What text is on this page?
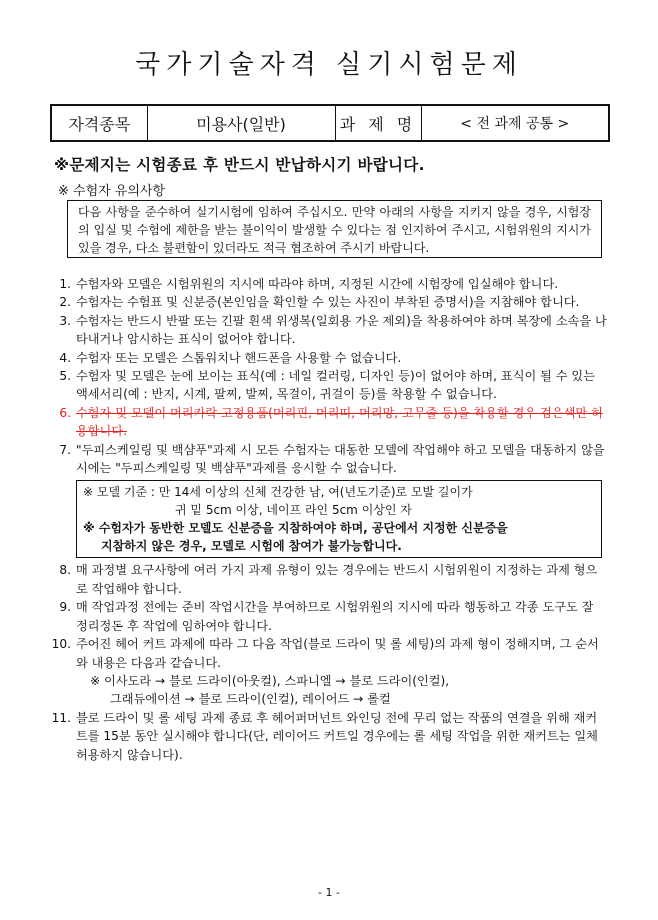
국가기술자격 실기시험문제
자격종목	미용사(일반)	과 제 명	< 전 과제 공통 >
※문제지는 시험종료 후 반드시 반납하시기 바랍니다.
※ 수험자 유의사항
다음 사항을 준수하여 실기시험에 임하여 주십시오. 만약 아래의 사항을 지키지 않을 경우, 시험장의 입실 및 수험에 제한을 받는 불이익이 발생할 수 있다는 점 인지하여 주시고, 시험위원의 지시가 있을 경우, 다소 불편함이 있더라도 적극 협조하여 주시기 바랍니다.
1. 수험자와 모델은 시험위원의 지시에 따라야 하며, 지정된 시간에 시험장에 입실해야 합니다.
2. 수험자는 수험표 및 신분증(본인임을 확인할 수 있는 사진이 부착된 증명서)을 지참해야 합니다.
3. 수험자는 반드시 반팔 또는 긴팔 흰색 위생복(일회용 가운 제외)을 착용하여야 하며 복장에 소속을 나타내거나 암시하는 표식이 없어야 합니다.
4. 수험자 또는 모델은 스톱워치나 핸드폰을 사용할 수 없습니다.
5. 수험자 및 모델은 눈에 보이는 표식(예 : 네일 컬러링, 디자인 등)이 없어야 하며, 표식이 될 수 있는 액세서리(예 : 반지, 시계, 팔찌, 발찌, 목걸이, 귀걸이 등)를 착용할 수 없습니다.
6. 수험자 및 모델이 머리카락 고정용품(머리핀, 머리띠, 머리망, 고무줄 등)을 착용할 경우 검은색만 허용합니다.
7. "두피스케일링 및 백샴푸"과제 시 모든 수험자는 대동한 모델에 작업해야 하고 모델을 대동하지 않을 시에는 "두피스케일링 및 백샴푸"과제를 응시할 수 없습니다.
※ 모델 기준 : 만 14세 이상의 신체 건강한 남, 여(년도기준)로 모발 길이가
귀 밑 5cm 이상, 네이프 라인 5cm 이상인 자
※ 수험자가 동반한 모델도 신분증을 지참하여야 하며, 공단에서 지정한 신분증을
지참하지 않은 경우, 모델로 시험에 참여가 불가능합니다.
8. 매 과정별 요구사항에 여러 가지 과제 유형이 있는 경우에는 반드시 시험위원이 지정하는 과제 형으로 작업해야 합니다.
9. 매 작업과정 전에는 준비 작업시간을 부여하므로 시험위원의 지시에 따라 행동하고 각종 도구도 잘 정리정돈 후 작업에 임하여야 합니다.
10. 주어진 헤어 커트 과제에 따라 그 다음 작업(블로 드라이 및 롤 세팅)의 과제 형이 정해지며, 그 순서와 내용은 다음과 같습니다.
※ 이사도라 → 블로 드라이(아웃컬), 스파니엘 → 블로 드라이(인컬),
그래듀에이션 → 블로 드라이(인컬), 레이어드 → 롤컬
11. 블로 드라이 및 롤 세팅 과제 종료 후 헤어퍼머넌트 와인딩 전에 무리 없는 작품의 연결을 위해 재커트를 15분 동안 실시해야 합니다(단, 레이어드 커트일 경우에는 롤 세팅 작업을 위한 재커트는 일체 허용하지 않습니다).
- 1 -
